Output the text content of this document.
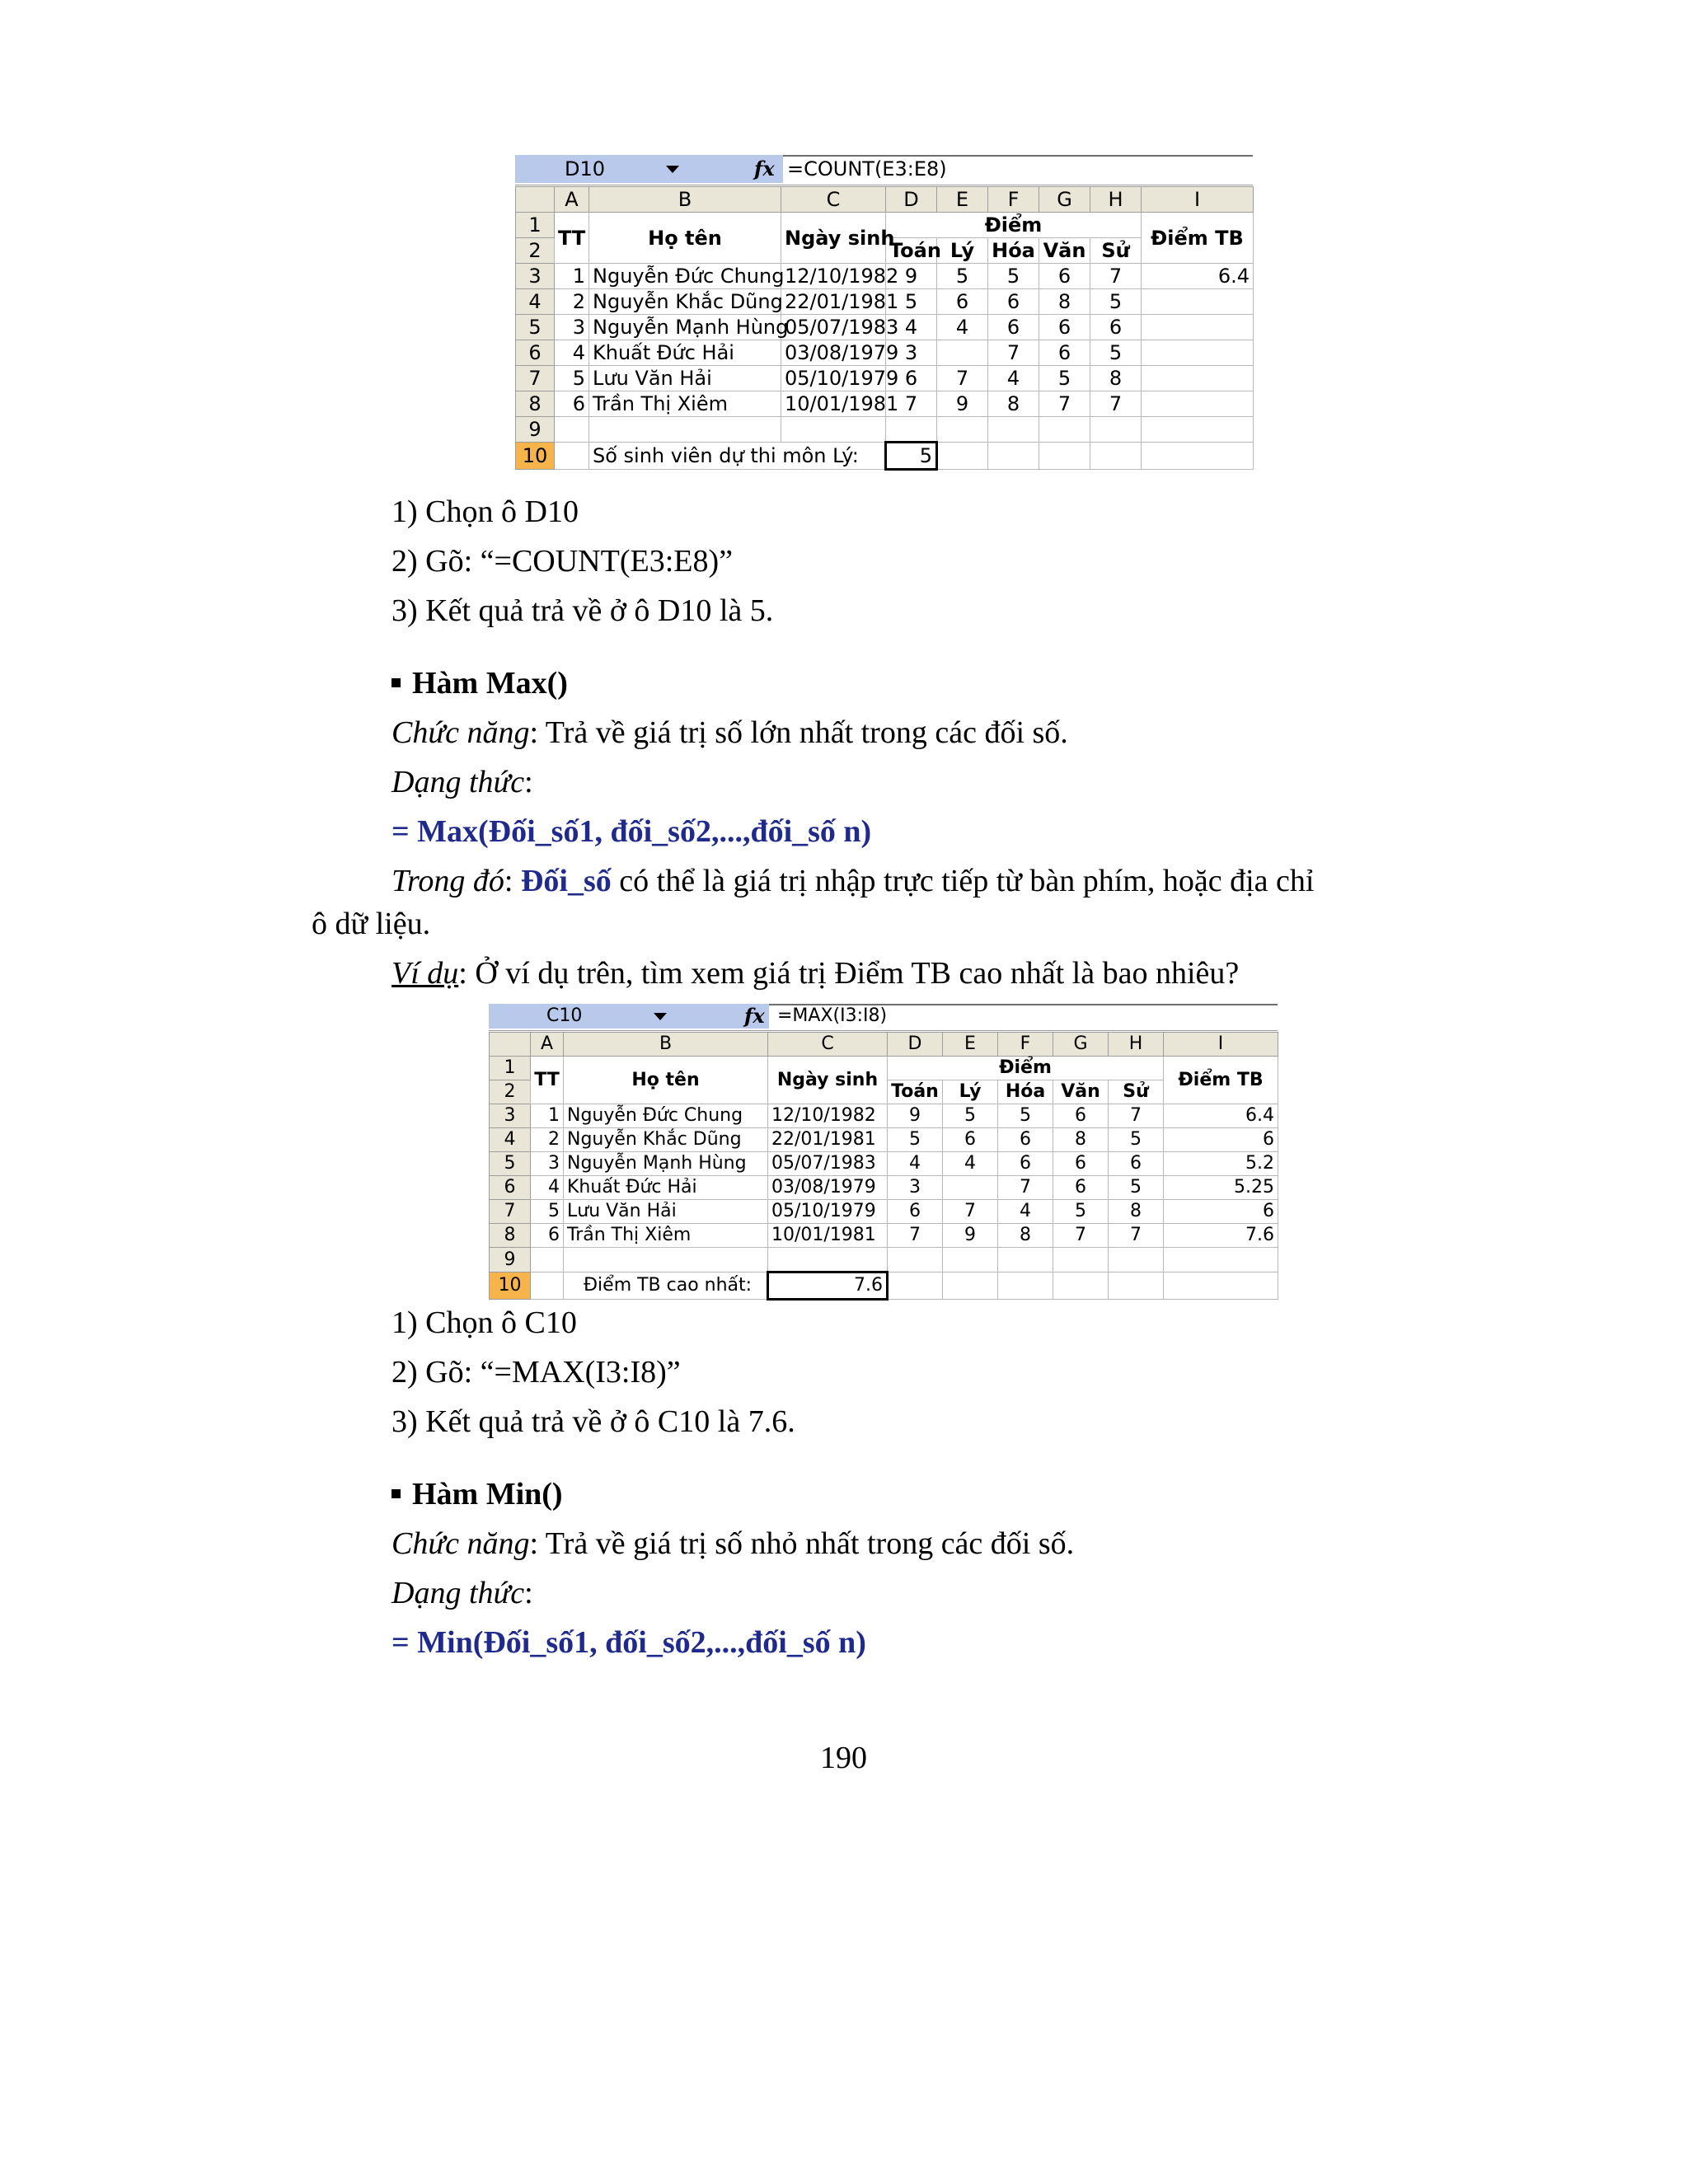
D10	fx =COUNT(E3:E8)
	A	B	C	D	E	F	G	H	I
1	TT	Họ tên	Ngày sinh	Điểm					Điểm TB
2				Toán	Lý	Hóa	Văn	Sử	
3	1	Nguyễn Đức Chung	12/10/1982	9	5	5	6	7	6.4
4	2	Nguyễn Khắc Dũng	22/01/1981	5	6	6	8	5	
5	3	Nguyễn Mạnh Hùng	05/07/1983	4	4	6	6	6	
6	4	Khuất Đức Hải	03/08/1979	3		7	6	5	
7	5	Lưu Văn Hải	05/10/1979	6	7	4	5	8	
8	6	Trần Thị Xiêm	10/01/1981	7	9	8	7	7	
9									
10		Số sinh viên dự thi môn Lý:		5					
1) Chọn ô D10
2) Gõ: “=COUNT(E3:E8)”
3) Kết quả trả về ở ô D10 là 5.
Hàm Max()
Chức năng: Trả về giá trị số lớn nhất trong các đối số.
Dạng thức:
= Max(Đối_số1, đối_số2,...,đối_số n)
Trong đó: Đối_số có thể là giá trị nhập trực tiếp từ bàn phím, hoặc địa chỉ
ô dữ liệu.
Ví dụ: Ở ví dụ trên, tìm xem giá trị Điểm TB cao nhất là bao nhiêu?
C10	fx =MAX(I3:I8)
	A	B	C	D	E	F	G	H	I
1	TT	Họ tên	Ngày sinh	Điểm					Điểm TB
2				Toán	Lý	Hóa	Văn	Sử	
3	1	Nguyễn Đức Chung	12/10/1982	9	5	5	6	7	6.4
4	2	Nguyễn Khắc Dũng	22/01/1981	5	6	6	8	5	6
5	3	Nguyễn Mạnh Hùng	05/07/1983	4	4	6	6	6	5.2
6	4	Khuất Đức Hải	03/08/1979	3		7	6	5	5.25
7	5	Lưu Văn Hải	05/10/1979	6	7	4	5	8	6
8	6	Trần Thị Xiêm	10/01/1981	7	9	8	7	7	7.6
9									
10		Điểm TB cao nhất:	7.6						
1) Chọn ô C10
2) Gõ: “=MAX(I3:I8)”
3) Kết quả trả về ở ô C10 là 7.6.
Hàm Min()
Chức năng: Trả về giá trị số nhỏ nhất trong các đối số.
Dạng thức:
= Min(Đối_số1, đối_số2,...,đối_số n)
190
